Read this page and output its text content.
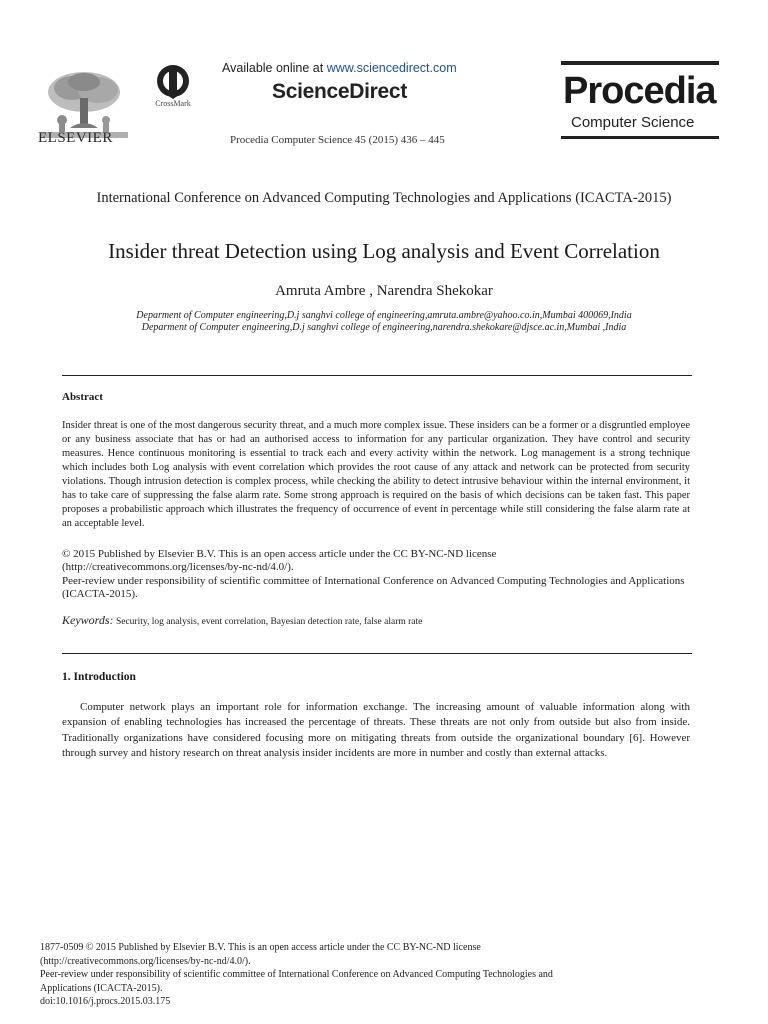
ELSEVIER
CrossMark
Available online at www.sciencedirect.com
ScienceDirect
Procedia Computer Science 45 (2015) 436 – 445
Procedia
Computer Science
International Conference on Advanced Computing Technologies and Applications (ICACTA-2015)
Insider threat Detection using Log analysis and Event Correlation
Amruta Ambre , Narendra Shekokar
Deparment of Computer engineering,D.j sanghvi college of engineering,amruta.ambre@yahoo.co.in,Mumbai 400069,India
Deparment of Computer engineering,D.j sanghvi college of engineering,narendra.shekokare@djsce.ac.in,Mumbai ,India
Abstract
Insider threat is one of the most dangerous security threat, and a much more complex issue. These insiders can be a former or a disgruntled employee or any business associate that has or had an authorised access to information for any particular organization. They have control and security measures. Hence continuous monitoring is essential to track each and every activity within the network. Log management is a strong technique which includes both Log analysis with event correlation which provides the root cause of any attack and network can be protected from security violations. Though intrusion detection is complex process, while checking the ability to detect intrusive behaviour within the internal environment, it has to take care of suppressing the false alarm rate. Some strong approach is required on the basis of which decisions can be taken fast. This paper proposes a probabilistic approach which illustrates the frequency of occurrence of event in percentage while still considering the false alarm rate at an acceptable level.
© 2015 Published by Elsevier B.V. This is an open access article under the CC BY-NC-ND license
(http://creativecommons.org/licenses/by-nc-nd/4.0/).
Peer-review under responsibility of scientific committee of International Conference on Advanced Computing Technologies and Applications (ICACTA-2015).
Keywords: Security, log analysis, event correlation, Bayesian detection rate, false alarm rate
1. Introduction
Computer network plays an important role for information exchange. The increasing amount of valuable information along with expansion of enabling technologies has increased the percentage of threats. These threats are not only from outside but also from inside. Traditionally organizations have considered focusing more on mitigating threats from outside the organizational boundary [6]. However through survey and history research on threat analysis insider incidents are more in number and costly than external attacks.
1877-0509 © 2015 Published by Elsevier B.V. This is an open access article under the CC BY-NC-ND license
(http://creativecommons.org/licenses/by-nc-nd/4.0/).
Peer-review under responsibility of scientific committee of International Conference on Advanced Computing Technologies and
Applications (ICACTA-2015).
doi:10.1016/j.procs.2015.03.175
